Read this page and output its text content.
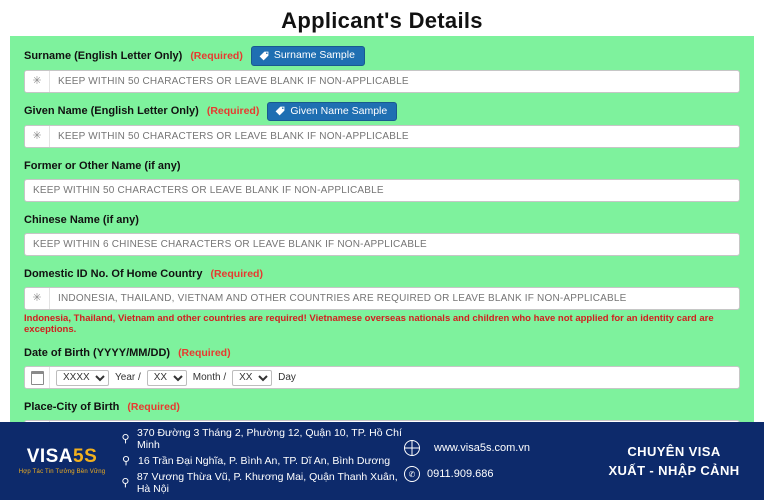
Applicant's Details
Surname (English Letter Only) (Required)	Surname Sample
✳
KEEP WITHIN 50 CHARACTERS OR LEAVE BLANK IF NON-APPLICABLE
Given Name (English Letter Only) (Required)	Given Name Sample
✳
KEEP WITHIN 50 CHARACTERS OR LEAVE BLANK IF NON-APPLICABLE
Former or Other Name (if any)
KEEP WITHIN 50 CHARACTERS OR LEAVE BLANK IF NON-APPLICABLE
Chinese Name (if any)
KEEP WITHIN 6 CHINESE CHARACTERS OR LEAVE BLANK IF NON-APPLICABLE
Domestic ID No. Of Home Country (Required)
✳
INDONESIA, THAILAND, VIETNAM AND OTHER COUNTRIES ARE REQUIRED OR LEAVE BLANK IF NON-APPLICABLE
Indonesia, Thailand, Vietnam and other countries are required! Vietnamese overseas nationals and children who have not applied for an identity card are exceptions.
Date of Birth (YYYY/MM/DD) (Required)
XXXX
Year /
XX	Month /
XX	Day
Place-City of Birth (Required)
WITHIN 50 CHARACTERS
VISA5S
Hợp Tác Tin Tưởng Bền Vững
⚲ 370 Đường 3 Tháng 2, Phường 12, Quận 10, TP. Hồ Chí Minh
⚲ 16 Trần Đại Nghĩa, P. Bình An, TP. Dĩ An, Bình Dương
⚲ 87 Vương Thừa Vũ, P. Khương Mai, Quận Thanh Xuân, Hà Nội
www.visa5s.com.vn
✆	0911.909.686
CHUYÊN VISA
XUẤT - NHẬP CẢNH
